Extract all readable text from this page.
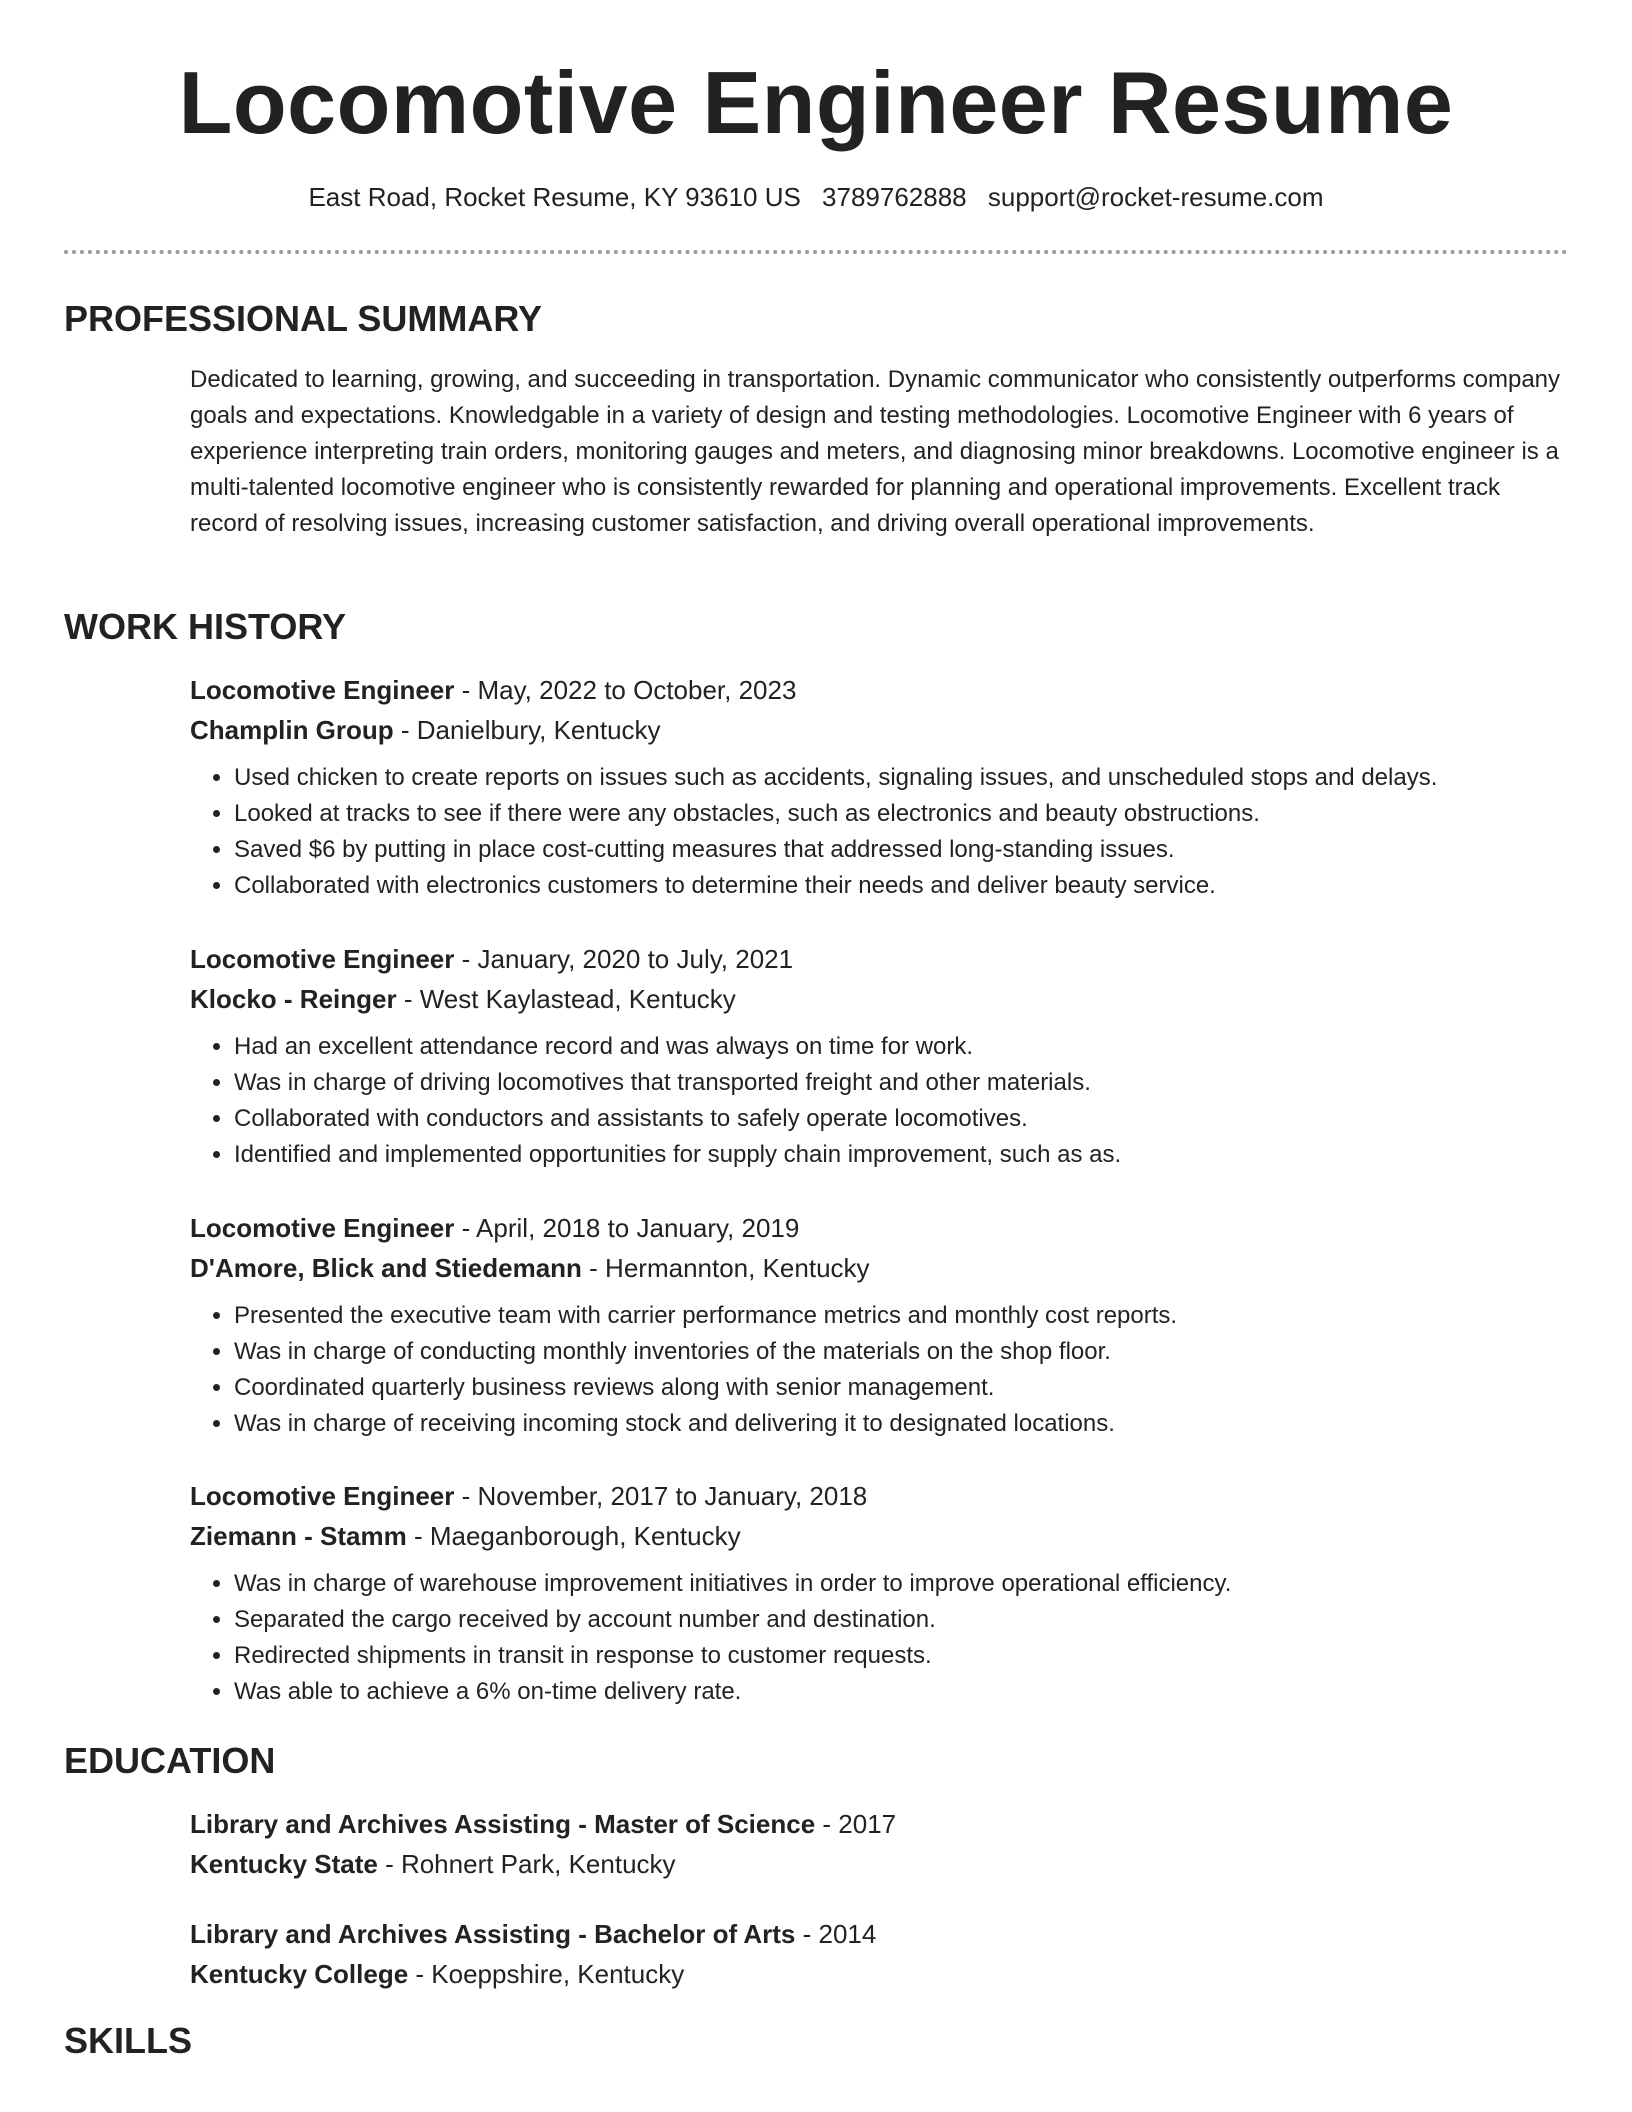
Locomotive Engineer Resume
East Road, Rocket Resume, KY 93610 US 3789762888 support@rocket-resume.com
PROFESSIONAL SUMMARY
Dedicated to learning, growing, and succeeding in transportation. Dynamic communicator who consistently outperforms company goals and expectations. Knowledgable in a variety of design and testing methodologies. Locomotive Engineer with 6 years of experience interpreting train orders, monitoring gauges and meters, and diagnosing minor breakdowns. Locomotive engineer is a multi-talented locomotive engineer who is consistently rewarded for planning and operational improvements. Excellent track record of resolving issues, increasing customer satisfaction, and driving overall operational improvements.
WORK HISTORY
Locomotive Engineer - May, 2022 to October, 2023
Champlin Group - Danielbury, Kentucky
• Used chicken to create reports on issues such as accidents, signaling issues, and unscheduled stops and delays.
• Looked at tracks to see if there were any obstacles, such as electronics and beauty obstructions.
• Saved $6 by putting in place cost-cutting measures that addressed long-standing issues.
• Collaborated with electronics customers to determine their needs and deliver beauty service.
Locomotive Engineer - January, 2020 to July, 2021
Klocko - Reinger - West Kaylastead, Kentucky
• Had an excellent attendance record and was always on time for work.
• Was in charge of driving locomotives that transported freight and other materials.
• Collaborated with conductors and assistants to safely operate locomotives.
• Identified and implemented opportunities for supply chain improvement, such as as.
Locomotive Engineer - April, 2018 to January, 2019
D'Amore, Blick and Stiedemann - Hermannton, Kentucky
• Presented the executive team with carrier performance metrics and monthly cost reports.
• Was in charge of conducting monthly inventories of the materials on the shop floor.
• Coordinated quarterly business reviews along with senior management.
• Was in charge of receiving incoming stock and delivering it to designated locations.
Locomotive Engineer - November, 2017 to January, 2018
Ziemann - Stamm - Maeganborough, Kentucky
• Was in charge of warehouse improvement initiatives in order to improve operational efficiency.
• Separated the cargo received by account number and destination.
• Redirected shipments in transit in response to customer requests.
• Was able to achieve a 6% on-time delivery rate.
EDUCATION
Library and Archives Assisting - Master of Science - 2017
Kentucky State - Rohnert Park, Kentucky
Library and Archives Assisting - Bachelor of Arts - 2014
Kentucky College - Koeppshire, Kentucky
SKILLS
